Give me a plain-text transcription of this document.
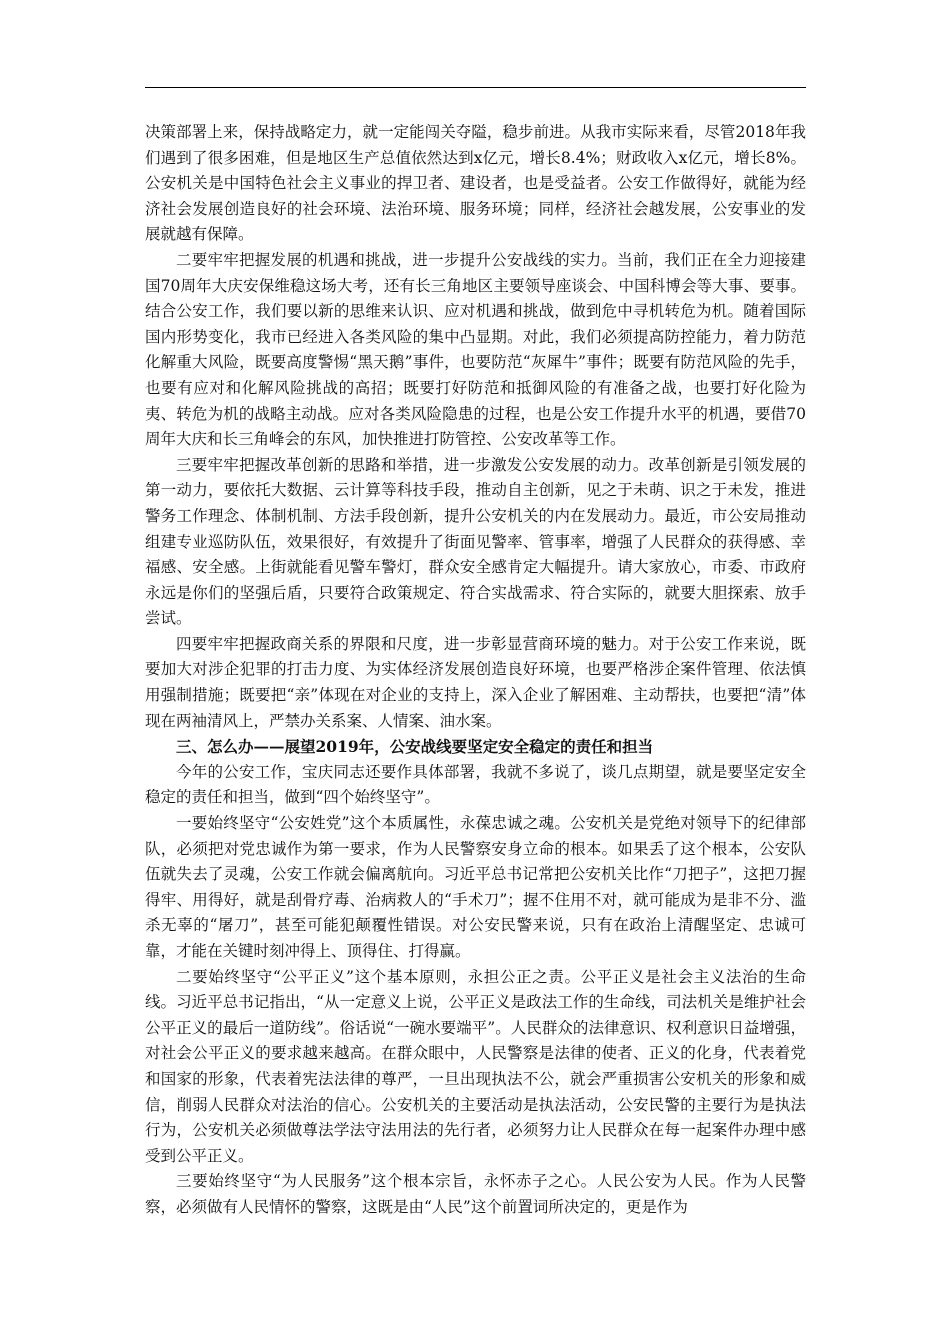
决策部署上来，保持战略定力，就一定能闯关夺隘，稳步前进。从我市实际来看，尽管2018年我们遇到了很多困难，但是地区生产总值依然达到x亿元，增长8.4%；财政收入x亿元，增长8%。公安机关是中国特色社会主义事业的捍卫者、建设者，也是受益者。公安工作做得好，就能为经济社会发展创造良好的社会环境、法治环境、服务环境；同样，经济社会越发展，公安事业的发展就越有保障。

二要牢牢把握发展的机遇和挑战，进一步提升公安战线的实力。当前，我们正在全力迎接建国70周年大庆安保维稳这场大考，还有长三角地区主要领导座谈会、中国科博会等大事、要事。结合公安工作，我们要以新的思维来认识、应对机遇和挑战，做到危中寻机转危为机。随着国际国内形势变化，我市已经进入各类风险的集中凸显期。对此，我们必须提高防控能力，着力防范化解重大风险，既要高度警惕“黑天鹅”事件，也要防范“灰犀牛”事件；既要有防范风险的先手，也要有应对和化解风险挑战的高招；既要打好防范和抵御风险的有准备之战，也要打好化险为夷、转危为机的战略主动战。应对各类风险隐患的过程，也是公安工作提升水平的机遇，要借70周年大庆和长三角峰会的东风，加快推进打防管控、公安改革等工作。

三要牢牢把握改革创新的思路和举措，进一步激发公安发展的动力。改革创新是引领发展的第一动力，要依托大数据、云计算等科技手段，推动自主创新，见之于未萌、识之于未发，推进警务工作理念、体制机制、方法手段创新，提升公安机关的内在发展动力。最近，市公安局推动组建专业巡防队伍，效果很好，有效提升了街面见警率、管事率，增强了人民群众的获得感、幸福感、安全感。上街就能看见警车警灯，群众安全感肯定大幅提升。请大家放心，市委、市政府永远是你们的坚强后盾，只要符合政策规定、符合实战需求、符合实际的，就要大胆探索、放手尝试。

四要牢牢把握政商关系的界限和尺度，进一步彰显营商环境的魅力。对于公安工作来说，既要加大对涉企犯罪的打击力度、为实体经济发展创造良好环境，也要严格涉企案件管理、依法慎用强制措施；既要把“亲”体现在对企业的支持上，深入企业了解困难、主动帮扶，也要把“清”体现在两袖清风上，严禁办关系案、人情案、油水案。

三、怎么办——展望2019年，公安战线要坚定安全稳定的责任和担当

今年的公安工作，宝庆同志还要作具体部署，我就不多说了，谈几点期望，就是要坚定安全稳定的责任和担当，做到“四个始终坚守”。

一要始终坚守“公安姓党”这个本质属性，永葆忠诚之魂。公安机关是党绝对领导下的纪律部队，必须把对党忠诚作为第一要求，作为人民警察安身立命的根本。如果丢了这个根本，公安队伍就失去了灵魂，公安工作就会偏离航向。习近平总书记常把公安机关比作“刀把子”，这把刀握得牢、用得好，就是刮骨疗毒、治病救人的“手术刀”；握不住用不对，就可能成为是非不分、滥杀无辜的“屠刀”，甚至可能犯颠覆性错误。对公安民警来说，只有在政治上清醒坚定、忠诚可靠，才能在关键时刻冲得上、顶得住、打得赢。

二要始终坚守“公平正义”这个基本原则，永担公正之责。公平正义是社会主义法治的生命线。习近平总书记指出，“从一定意义上说，公平正义是政法工作的生命线，司法机关是维护社会公平正义的最后一道防线”。俗话说“一碗水要端平”。人民群众的法律意识、权利意识日益增强，对社会公平正义的要求越来越高。在群众眼中，人民警察是法律的使者、正义的化身，代表着党和国家的形象，代表着宪法法律的尊严，一旦出现执法不公，就会严重损害公安机关的形象和威信，削弱人民群众对法治的信心。公安机关的主要活动是执法活动，公安民警的主要行为是执法行为，公安机关必须做尊法学法守法用法的先行者，必须努力让人民群众在每一起案件办理中感受到公平正义。

三要始终坚守“为人民服务”这个根本宗旨，永怀赤子之心。人民公安为人民。作为人民警察，必须做有人民情怀的警察，这既是由“人民”这个前置词所决定的，更是作为
